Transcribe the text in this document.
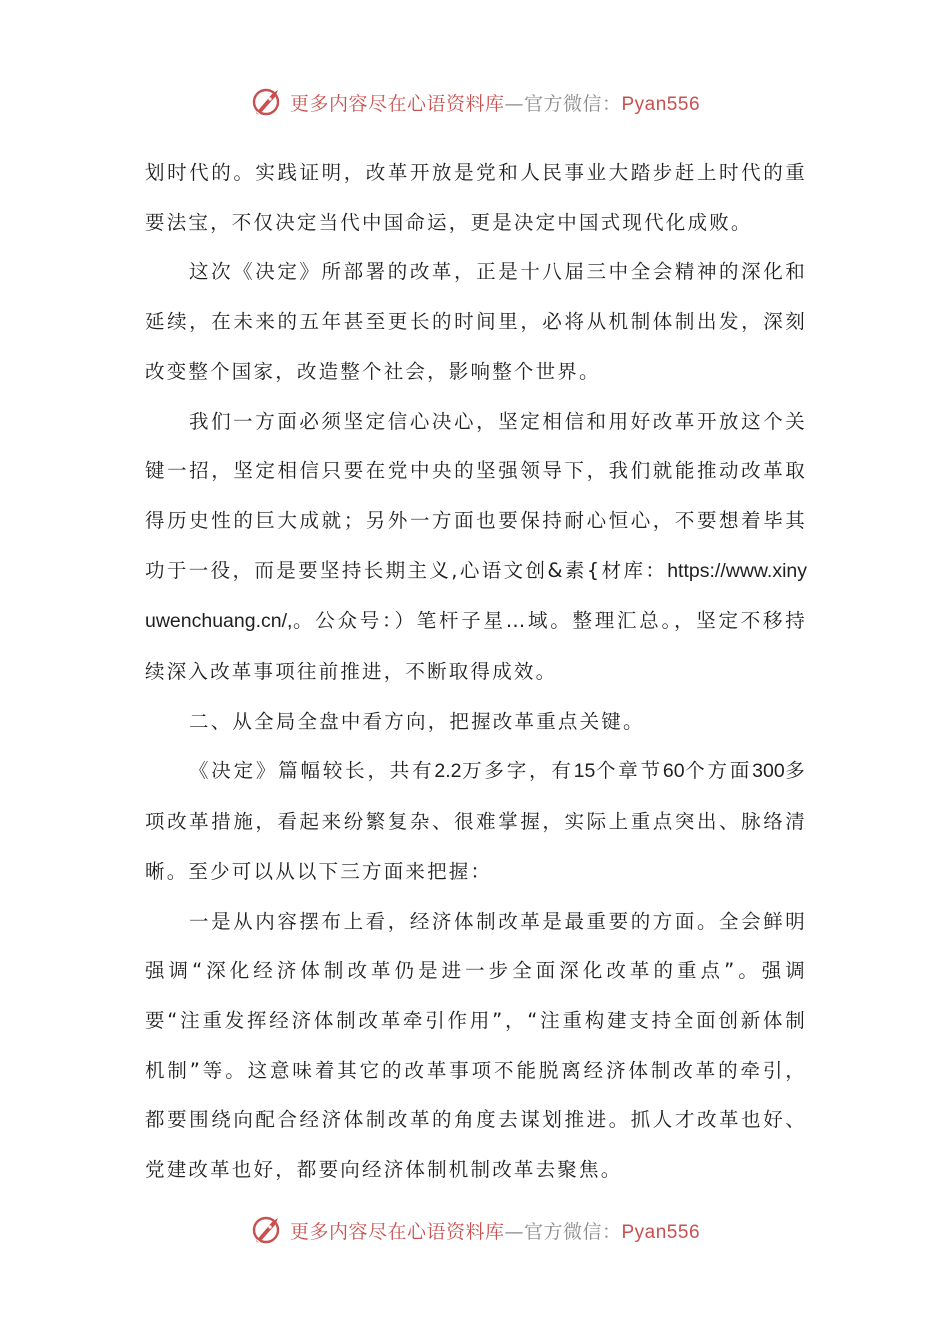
更多内容尽在心语资料库—官方微信：Pyan556

划时代的。实践证明，改革开放是党和人民事业大踏步赶上时代的重要法宝，不仅决定当代中国命运，更是决定中国式现代化成败。

这次《决定》所部署的改革，正是十八届三中全会精神的深化和延续，在未来的五年甚至更长的时间里，必将从机制体制出发，深刻改变整个国家，改造整个社会，影响整个世界。

我们一方面必须坚定信心决心，坚定相信和用好改革开放这个关键一招，坚定相信只要在党中央的坚强领导下，我们就能推动改革取得历史性的巨大成就；另外一方面也要保持耐心恒心，不要想着毕其功于一役，而是要坚持长期主义,心语文创&素{材库：https://www.xinyuwenchuang.cn/,。公众号：）笔杆子星…域。整理汇总。，坚定不移持续深入改革事项往前推进，不断取得成效。

二、从全局全盘中看方向，把握改革重点关键。

《决定》篇幅较长，共有2.2万多字，有15个章节60个方面300多项改革措施，看起来纷繁复杂、很难掌握，实际上重点突出、脉络清晰。至少可以从以下三方面来把握：

一是从内容摆布上看，经济体制改革是最重要的方面。全会鲜明强调“深化经济体制改革仍是进一步全面深化改革的重点”。强调要“注重发挥经济体制改革牵引作用”，“注重构建支持全面创新体制机制”等。这意味着其它的改革事项不能脱离经济体制改革的牵引，都要围绕向配合经济体制改革的角度去谋划推进。抓人才改革也好、党建改革也好，都要向经济体制机制改革去聚焦。

更多内容尽在心语资料库—官方微信：Pyan556
